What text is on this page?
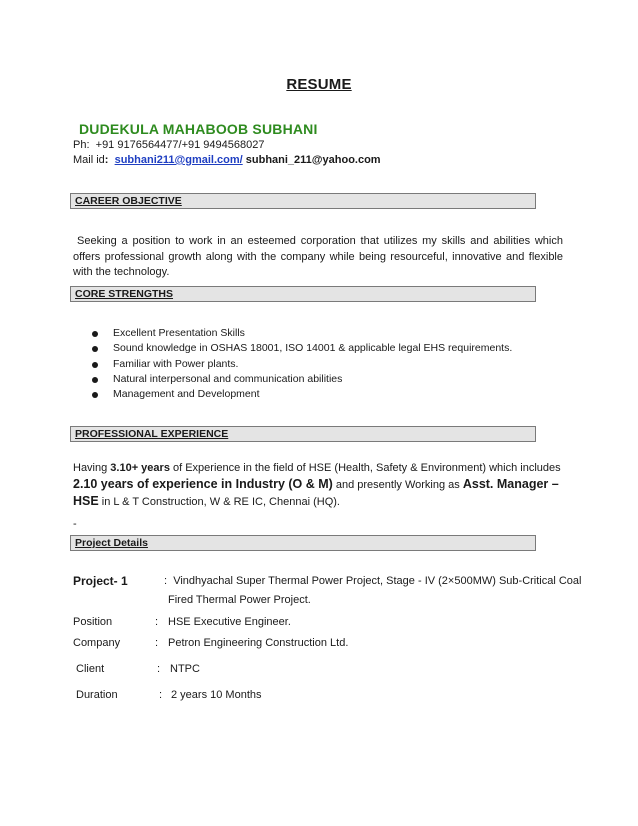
RESUME
DUDEKULA MAHABOOB SUBHANI
Ph: +91 9176564477/+91 9494568027
Mail id: subhani211@gmail.com/ subhani_211@yahoo.com
CAREER OBJECTIVE
Seeking a position to work in an esteemed corporation that utilizes my skills and abilities which offers professional growth along with the company while being resourceful, innovative and flexible with the technology.
CORE STRENGTHS
Excellent Presentation Skills
Sound knowledge in OSHAS 18001, ISO 14001 & applicable legal EHS requirements.
Familiar with Power plants.
Natural interpersonal and communication abilities
Management and Development
PROFESSIONAL EXPERIENCE
Having 3.10+ years of Experience in the field of HSE (Health, Safety & Environment) which includes 2.10 years of experience in Industry (O & M) and presently Working as Asst. Manager – HSE in L & T Construction, W & RE IC, Chennai (HQ).
-
Project Details
Project- 1	: Vindhyachal Super Thermal Power Project, Stage - IV (2×500MW) Sub-Critical Coal
Fired Thermal Power Project.
Position	: HSE Executive Engineer.
Company	: Petron Engineering Construction Ltd.
Client	: NTPC
Duration	: 2 years 10 Months
